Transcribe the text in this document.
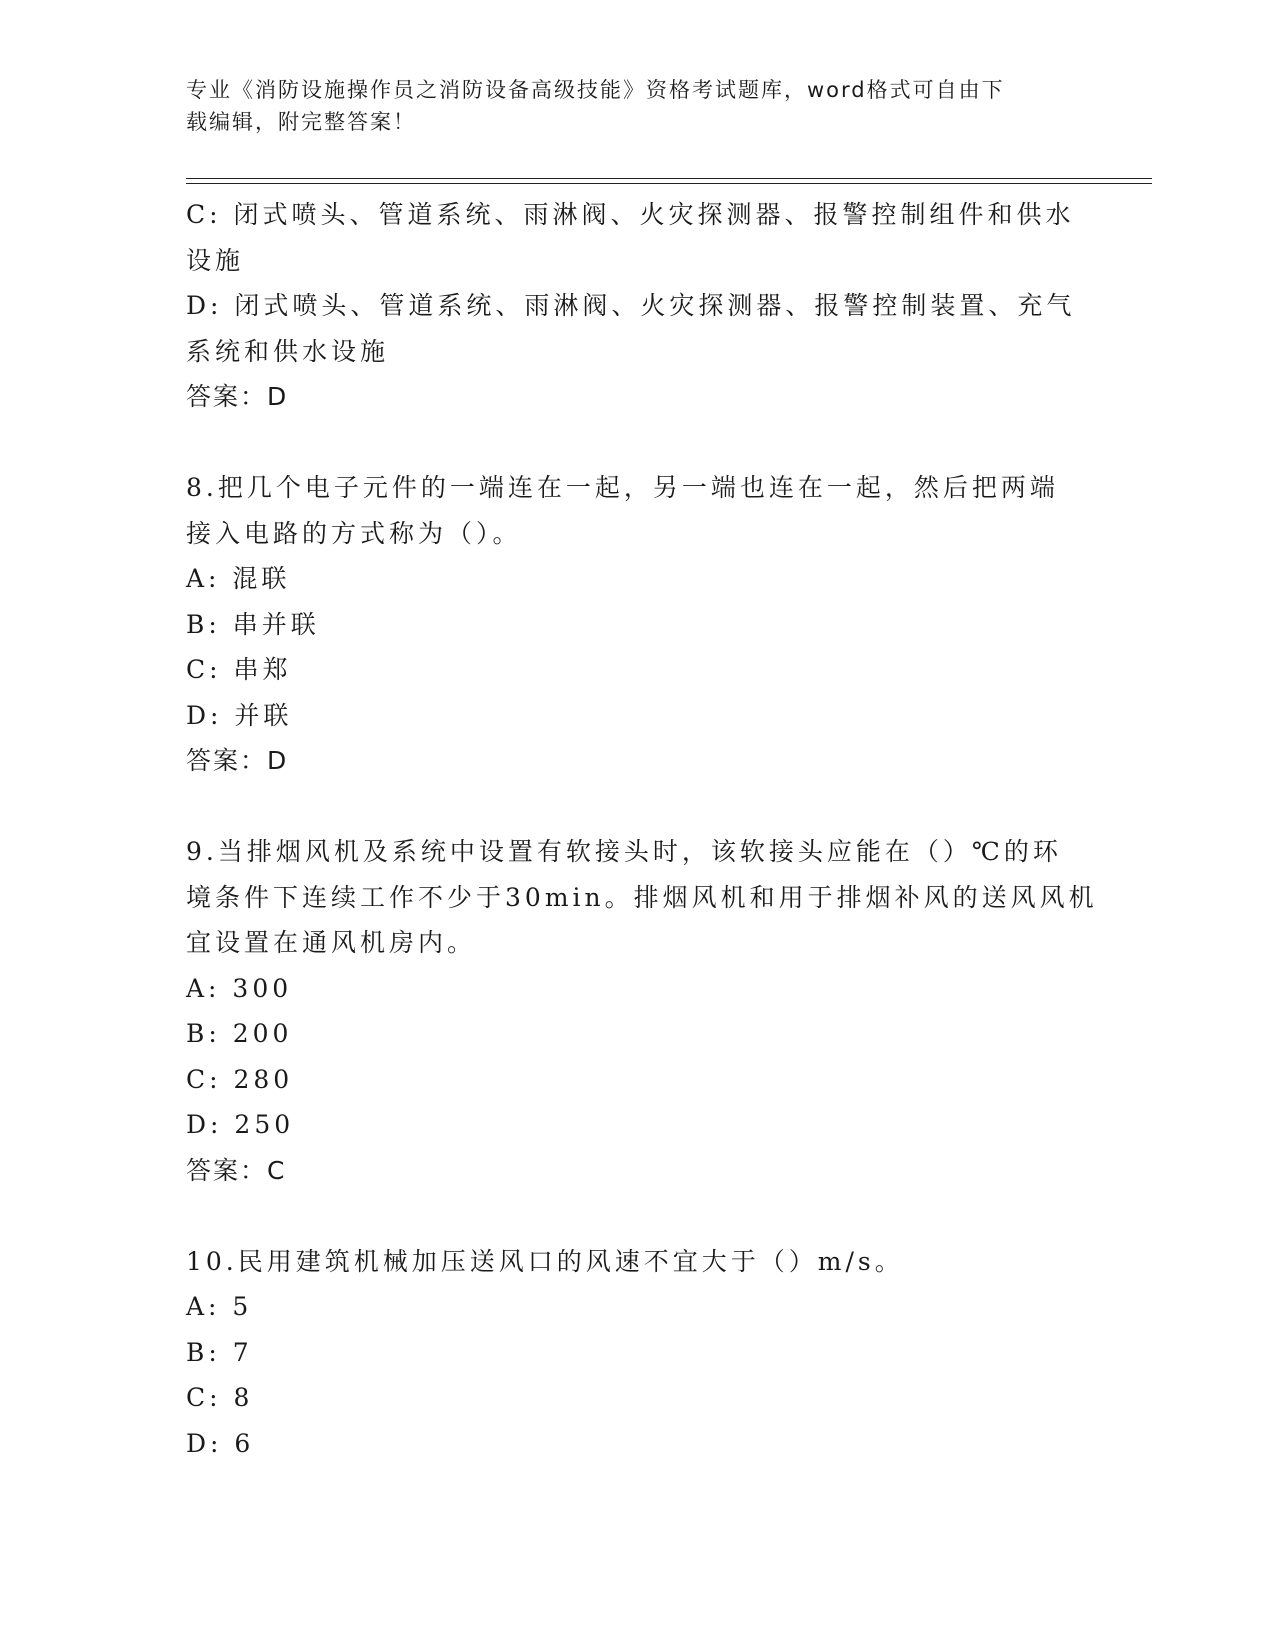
专业《消防设施操作员之消防设备高级技能》资格考试题库，word格式可自由下
载编辑，附完整答案！
C: 闭式喷头、管道系统、雨淋阀、火灾探测器、报警控制组件和供水
设施
D: 闭式喷头、管道系统、雨淋阀、火灾探测器、报警控制装置、充气
系统和供水设施
答案：D
8.把几个电子元件的一端连在一起，另一端也连在一起，然后把两端
接入电路的方式称为（）。
A: 混联
B: 串并联
C: 串郑
D: 并联
答案：D
9.当排烟风机及系统中设置有软接头时，该软接头应能在（）℃的环
境条件下连续工作不少于30min。排烟风机和用于排烟补风的送风风机
宜设置在通风机房内。
A: 300
B: 200
C: 280
D: 250
答案：C
10.民用建筑机械加压送风口的风速不宜大于（）m/s。
A: 5
B: 7
C: 8
D: 6
